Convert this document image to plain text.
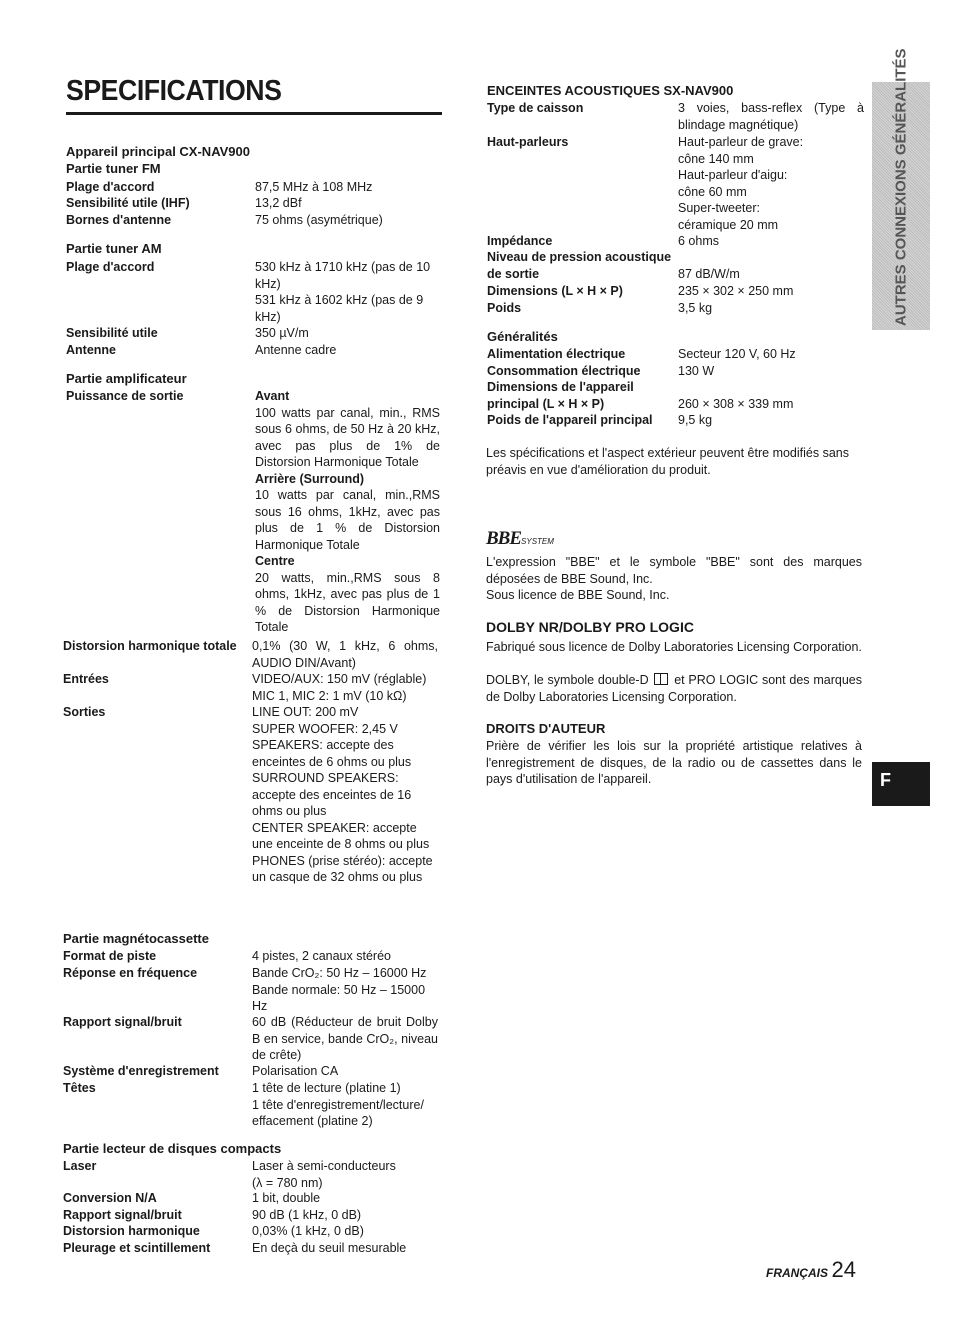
SPECIFICATIONS
Appareil principal CX-NAV900
Partie tuner FM
Plage d'accord	87,5 MHz à 108 MHz
Sensibilité utile (IHF)	13,2 dBf
Bornes d'antenne	75 ohms (asymétrique)
Partie tuner AM
Plage d'accord	530 kHz à 1710 kHz (pas de 10 kHz)
531 kHz à 1602 kHz (pas de 9 kHz)
Sensibilité utile	350 µV/m
Antenne	Antenne cadre
Partie amplificateur
Puissance de sortie	Avant
100 watts par canal, min., RMS sous 6 ohms, de 50 Hz à 20 kHz, avec pas plus de 1% de Distorsion Harmonique Totale
Arrière (Surround)
10 watts par canal, min.,RMS sous 16 ohms, 1kHz, avec pas plus de 1 % de Distorsion Harmonique Totale
Centre
20 watts, min.,RMS sous 8 ohms, 1kHz, avec pas plus de 1 % de Distorsion Harmonique Totale
Distorsion harmonique totale 0,1% (30 W, 1 kHz, 6 ohms, AUDIO DIN/Avant)
Entrées	VIDEO/AUX: 150 mV (réglable)
MIC 1, MIC 2: 1 mV (10 kΩ)
Sorties	LINE OUT: 200 mV
SUPER WOOFER: 2,45 V
SPEAKERS: accepte des enceintes de 6 ohms ou plus
SURROUND SPEAKERS: accepte des enceintes de 16 ohms ou plus
CENTER SPEAKER: accepte une enceinte de 8 ohms ou plus
PHONES (prise stéréo): accepte un casque de 32 ohms ou plus
Partie magnétocassette
Format de piste	4 pistes, 2 canaux stéréo
Réponse en fréquence	Bande CrO₂: 50 Hz – 16000 Hz
Bande normale: 50 Hz – 15000 Hz
Rapport signal/bruit	60 dB (Réducteur de bruit Dolby B en service, bande CrO₂, niveau de crête)
Système d'enregistrement	Polarisation CA
Têtes	1 tête de lecture (platine 1)
1 tête d'enregistrement/lecture/ effacement (platine 2)
Partie lecteur de disques compacts
Laser	Laser à semi-conducteurs
(λ = 780 nm)
Conversion N/A	1 bit, double
Rapport signal/bruit	90 dB (1 kHz, 0 dB)
Distorsion harmonique	0,03% (1 kHz, 0 dB)
Pleurage et scintillement	En deçà du seuil mesurable
ENCEINTES ACOUSTIQUES SX-NAV900
Type de caisson	3 voies, bass-reflex (Type à blindage magnétique)
Haut-parleurs	Haut-parleur de grave:
cône 140 mm
Haut-parleur d'aigu:
cône 60 mm
Super-tweeter:
céramique 20 mm
Impédance	6 ohms
Niveau de pression acoustique
de sortie	87 dB/W/m
Dimensions (L × H × P)	235 × 302 × 250 mm
Poids	3,5 kg
Généralités
Alimentation électrique	Secteur 120 V, 60 Hz
Consommation électrique	130 W
Dimensions de l'appareil
principal (L × H × P)	260 × 308 × 339 mm
Poids de l'appareil principal 9,5 kg
Les spécifications et l'aspect extérieur peuvent être modifiés sans préavis en vue d'amélioration du produit.
BBESYSTEM
L'expression "BBE" et le symbole "BBE" sont des marques déposées de BBE Sound, Inc.
Sous licence de BBE Sound, Inc.
DOLBY NR/DOLBY PRO LOGIC
Fabriqué sous licence de Dolby Laboratories Licensing Corporation.
DOLBY, le symbole double-D et PRO LOGIC sont des marques de Dolby Laboratories Licensing Corporation.
DROITS D'AUTEUR
Prière de vérifier les lois sur la propriété artistique relatives à l'enregistrement de disques, de la radio ou de cassettes dans le pays d'utilisation de l'appareil.
AUTRES CONNEXIONS GÉNÉRALITÉS
F
FRANÇAIS 24
